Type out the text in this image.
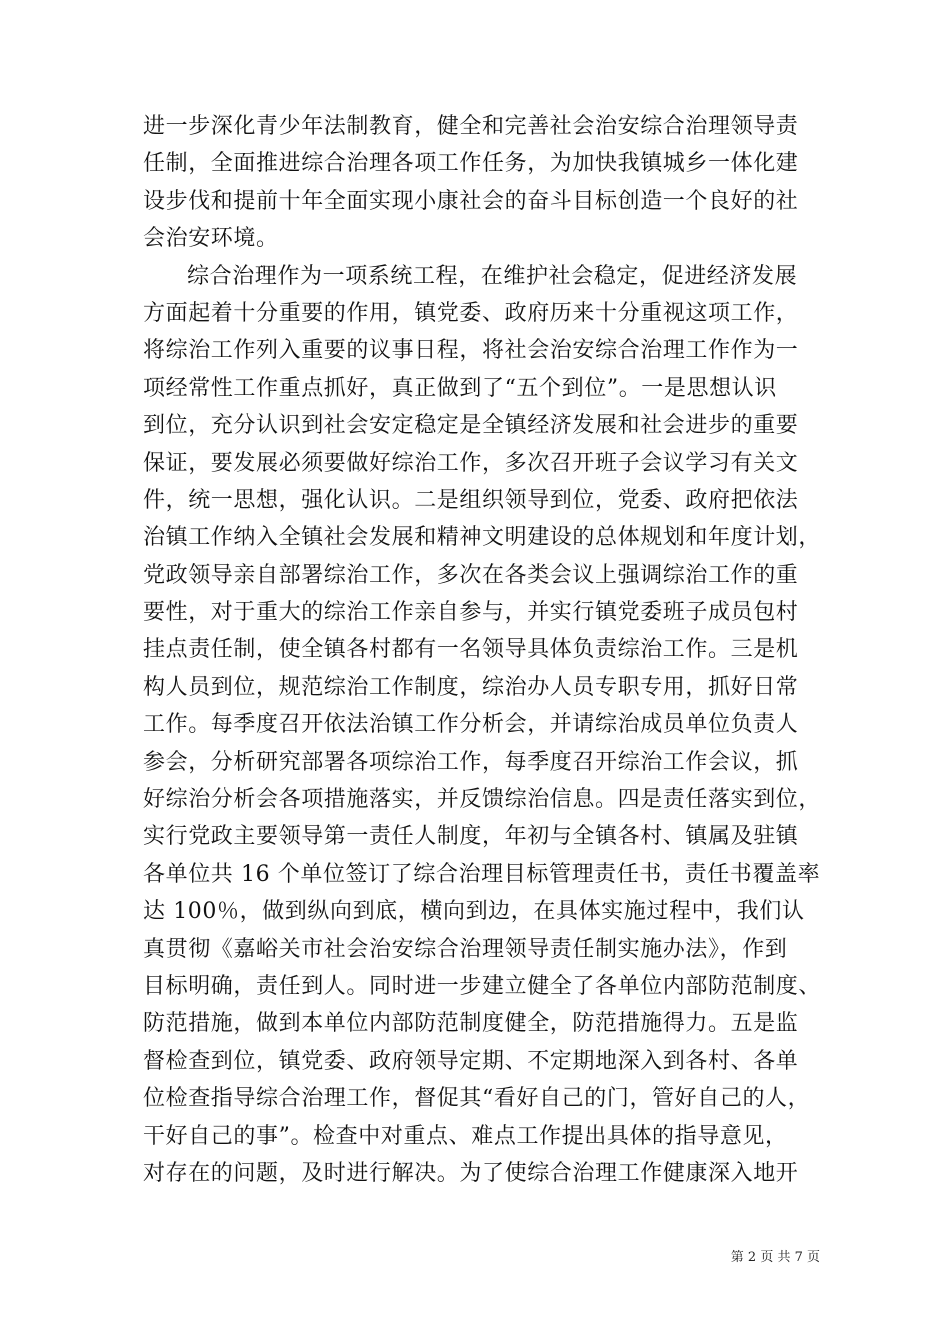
进一步深化青少年法制教育，健全和完善社会治安综合治理领导责
任制，全面推进综合治理各项工作任务，为加快我镇城乡一体化建
设步伐和提前十年全面实现小康社会的奋斗目标创造一个良好的社
会治安环境。
综合治理作为一项系统工程，在维护社会稳定，促进经济发展
方面起着十分重要的作用，镇党委、政府历来十分重视这项工作，
将综治工作列入重要的议事日程，将社会治安综合治理工作作为一
项经常性工作重点抓好，真正做到了“五个到位”。一是思想认识
到位，充分认识到社会安定稳定是全镇经济发展和社会进步的重要
保证，要发展必须要做好综治工作，多次召开班子会议学习有关文
件，统一思想，强化认识。二是组织领导到位，党委、政府把依法
治镇工作纳入全镇社会发展和精神文明建设的总体规划和年度计划，
党政领导亲自部署综治工作，多次在各类会议上强调综治工作的重
要性，对于重大的综治工作亲自参与，并实行镇党委班子成员包村
挂点责任制，使全镇各村都有一名领导具体负责综治工作。三是机
构人员到位，规范综治工作制度，综治办人员专职专用，抓好日常
工作。每季度召开依法治镇工作分析会，并请综治成员单位负责人
参会，分析研究部署各项综治工作，每季度召开综治工作会议，抓
好综治分析会各项措施落实，并反馈综治信息。四是责任落实到位，
实行党政主要领导第一责任人制度，年初与全镇各村、镇属及驻镇
各单位共 16 个单位签订了综合治理目标管理责任书，责任书覆盖率
达 100％，做到纵向到底，横向到边，在具体实施过程中，我们认
真贯彻《嘉峪关市社会治安综合治理领导责任制实施办法》，作到
目标明确，责任到人。同时进一步建立健全了各单位内部防范制度、
防范措施，做到本单位内部防范制度健全，防范措施得力。五是监
督检查到位，镇党委、政府领导定期、不定期地深入到各村、各单
位检查指导综合治理工作，督促其“看好自己的门，管好自己的人，
干好自己的事”。检查中对重点、难点工作提出具体的指导意见，
对存在的问题，及时进行解决。为了使综合治理工作健康深入地开
第 2 页 共 7 页
